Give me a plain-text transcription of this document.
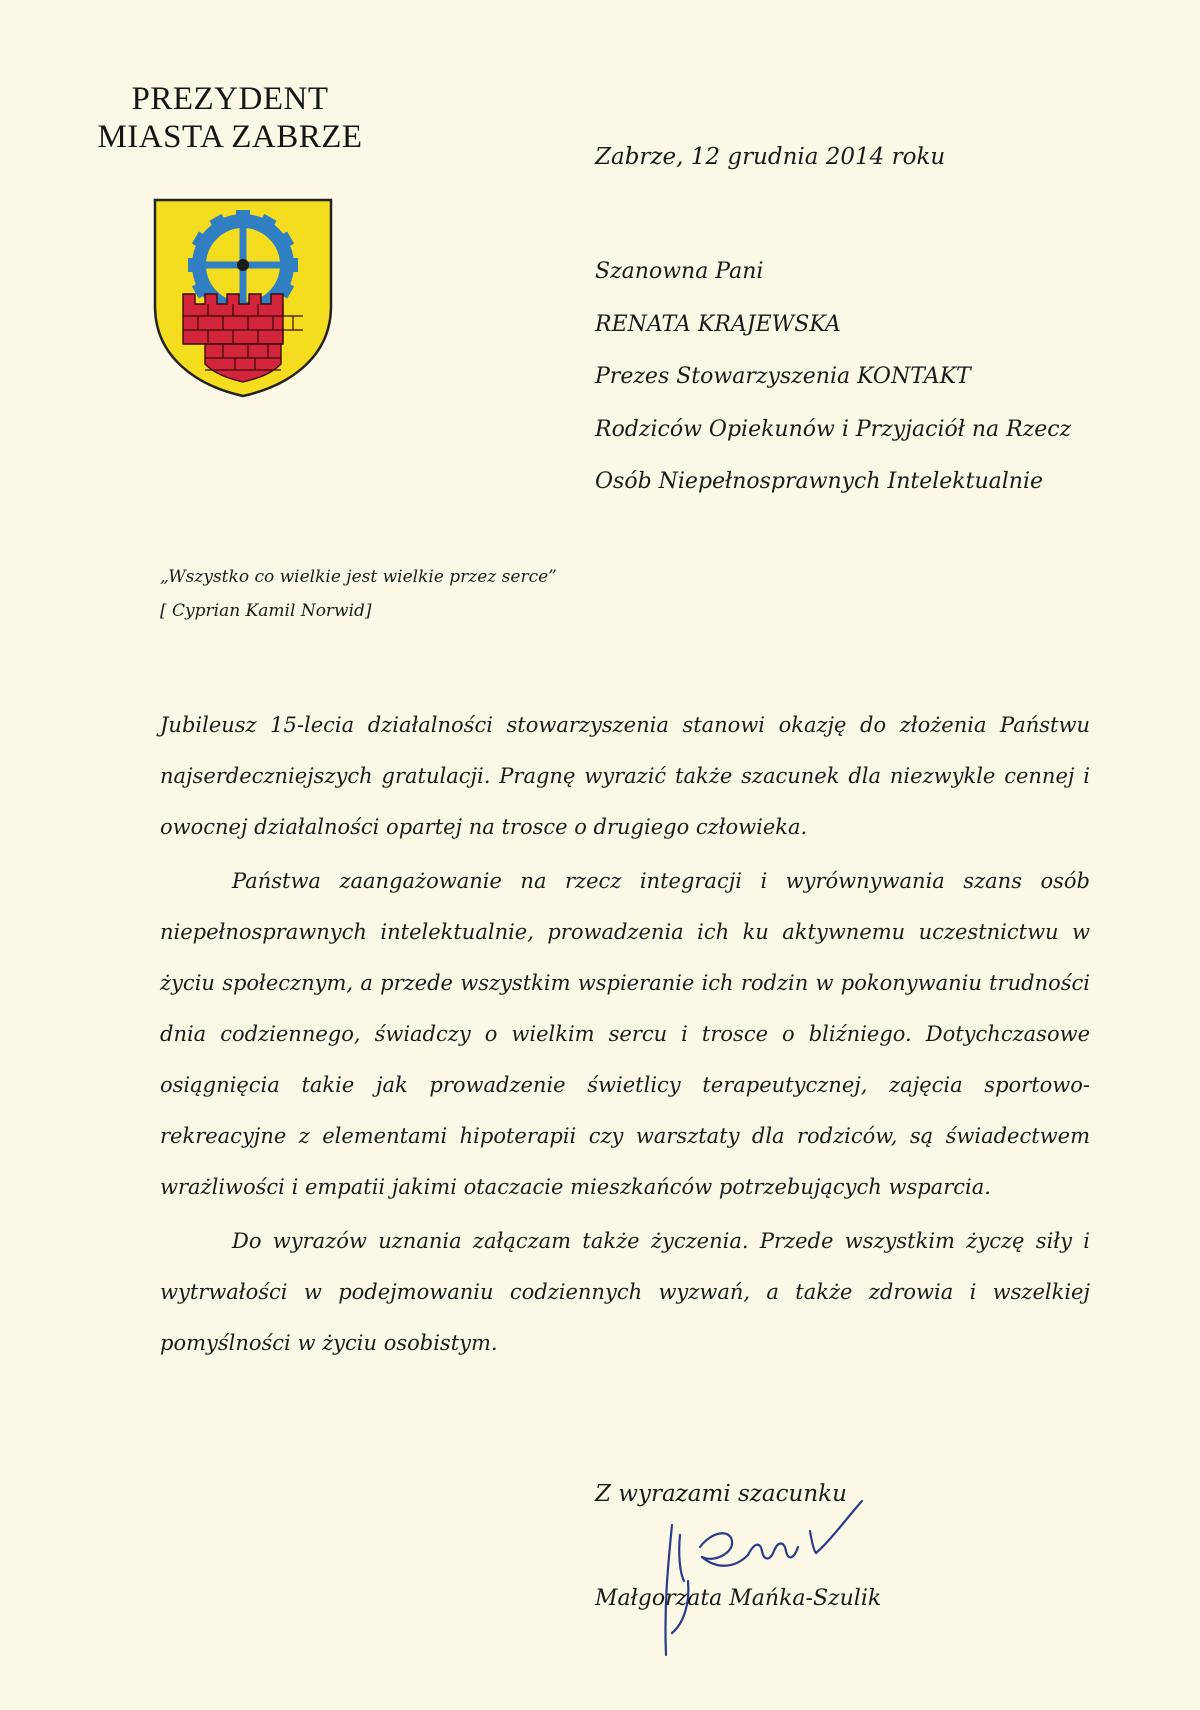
PREZYDENT
MIASTA ZABRZE
Zabrze, 12 grudnia 2014 roku
Szanowna Pani
RENATA KRAJEWSKA
Prezes Stowarzyszenia KONTAKT
Rodziców Opiekunów i Przyjaciół na Rzecz
Osób Niepełnosprawnych Intelektualnie
„Wszystko co wielkie jest wielkie przez serce”
[ Cyprian Kamil Norwid]

Jubileusz 15-lecia działalności stowarzyszenia stanowi okazję do złożenia Państwu najserdeczniejszych gratulacji. Pragnę wyrazić także szacunek dla niezwykle cennej i owocnej działalności opartej na trosce o drugiego człowieka.

Państwa zaangażowanie na rzecz integracji i wyrównywania szans osób niepełnosprawnych intelektualnie, prowadzenia ich ku aktywnemu uczestnictwu w życiu społecznym, a przede wszystkim wspieranie ich rodzin w pokonywaniu trudności dnia codziennego, świadczy o wielkim sercu i trosce o bliźniego. Dotychczasowe osiągnięcia takie jak prowadzenie świetlicy terapeutycznej, zajęcia sportowo-rekreacyjne z elementami hipoterapii czy warsztaty dla rodziców, są świadectwem wrażliwości i empatii jakimi otaczacie mieszkańców potrzebujących wsparcia.

Do wyrazów uznania załączam także życzenia. Przede wszystkim życzę siły i wytrwałości w podejmowaniu codziennych wyzwań, a także zdrowia i wszelkiej pomyślności w życiu osobistym.

Z wyrazami szacunku
Małgorzata Mańka-Szulik
